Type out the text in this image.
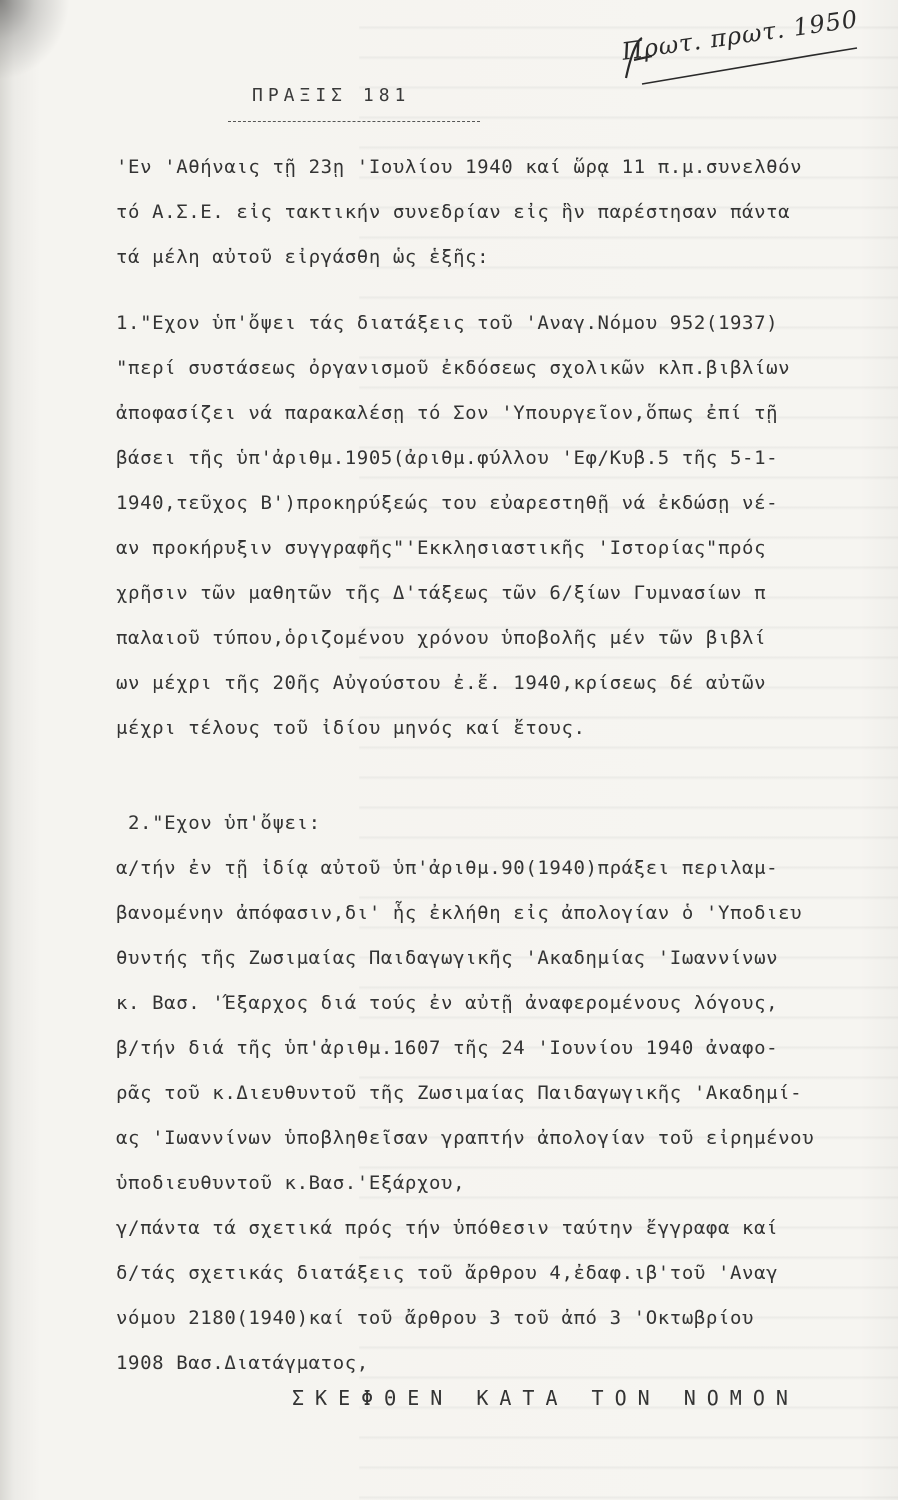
Πρωτ. πρωτ. 1950
ΠΡΑΞΙΣ 181
'Εν 'Αθήναις τῇ 23ῃ 'Ιουλίου 1940 καί ὥρᾳ 11 π.μ.συνελθόν
τό Α.Σ.Ε. εἰς τακτικήν συνεδρίαν εἰς ἣν παρέστησαν πάντα
τά μέλη αὐτοῦ εἰργάσθη ὡς ἑξῆς:
1."Εχον ὑπ'ὄψει τάς διατάξεις τοῦ 'Αναγ.Νόμου 952(1937)
"περί συστάσεως ὀργανισμοῦ ἐκδόσεως σχολικῶν κλπ.βιβλίων
ἀποφασίζει νά παρακαλέσῃ τό Σον 'Υπουργεῖον,ὅπως ἐπί τῇ
βάσει τῆς ὑπ'ἀριθμ.1905(ἀριθμ.φύλλου 'Εφ/Κυβ.5 τῆς 5-1-
1940,τεῦχος Β')προκηρύξεώς του εὐαρεστηθῇ νά ἐκδώσῃ νέ-
αν προκήρυξιν συγγραφῆς"'Εκκλησιαστικῆς 'Ιστορίας"πρός
χρῆσιν τῶν μαθητῶν τῆς Δ'τάξεως τῶν 6/ξίων Γυμνασίων π
παλαιοῦ τύπου,ὁριζομένου χρόνου ὑποβολῆς μέν τῶν βιβλί
ων μέχρι τῆς 20ῆς Αὐγούστου ἐ.ἔ. 1940,κρίσεως δέ αὐτῶν
μέχρι τέλους τοῦ ἰδίου μηνός καί ἔτους.
2."Εχον ὑπ'ὄψει:
α/τήν ἐν τῇ ἰδίᾳ αὐτοῦ ὑπ'ἀριθμ.90(1940)πράξει περιλαμ-
βανομένην ἀπόφασιν,δι' ἧς ἐκλήθη εἰς ἀπολογίαν ὁ 'Υποδιευ
θυντής τῆς Ζωσιμαίας Παιδαγωγικῆς 'Ακαδημίας 'Ιωαννίνων
κ. Βασ. 'Έξαρχος διά τούς ἐν αὐτῇ ἀναφερομένους λόγους,
β/τήν διά τῆς ὑπ'ἀριθμ.1607 τῆς 24 'Ιουνίου 1940 ἀναφο-
ρᾶς τοῦ κ.Διευθυντοῦ τῆς Ζωσιμαίας Παιδαγωγικῆς 'Ακαδημί-
ας 'Ιωαννίνων ὑποβληθεῖσαν γραπτήν ἀπολογίαν τοῦ εἰρημένου
ὑποδιευθυντοῦ κ.Βασ.'Εξάρχου,
γ/πάντα τά σχετικά πρός τήν ὑπόθεσιν ταύτην ἔγγραφα καί
δ/τάς σχετικάς διατάξεις τοῦ ἄρθρου 4,ἐδαφ.ιβ'τοῦ 'Αναγ
νόμου 2180(1940)καί τοῦ ἄρθρου 3 τοῦ ἀπό 3 'Οκτωβρίου
1908 Βασ.Διατάγματος,
ΣΚΕΦΘΕΝ ΚΑΤΑ ΤΟΝ ΝΟΜΟΝ
